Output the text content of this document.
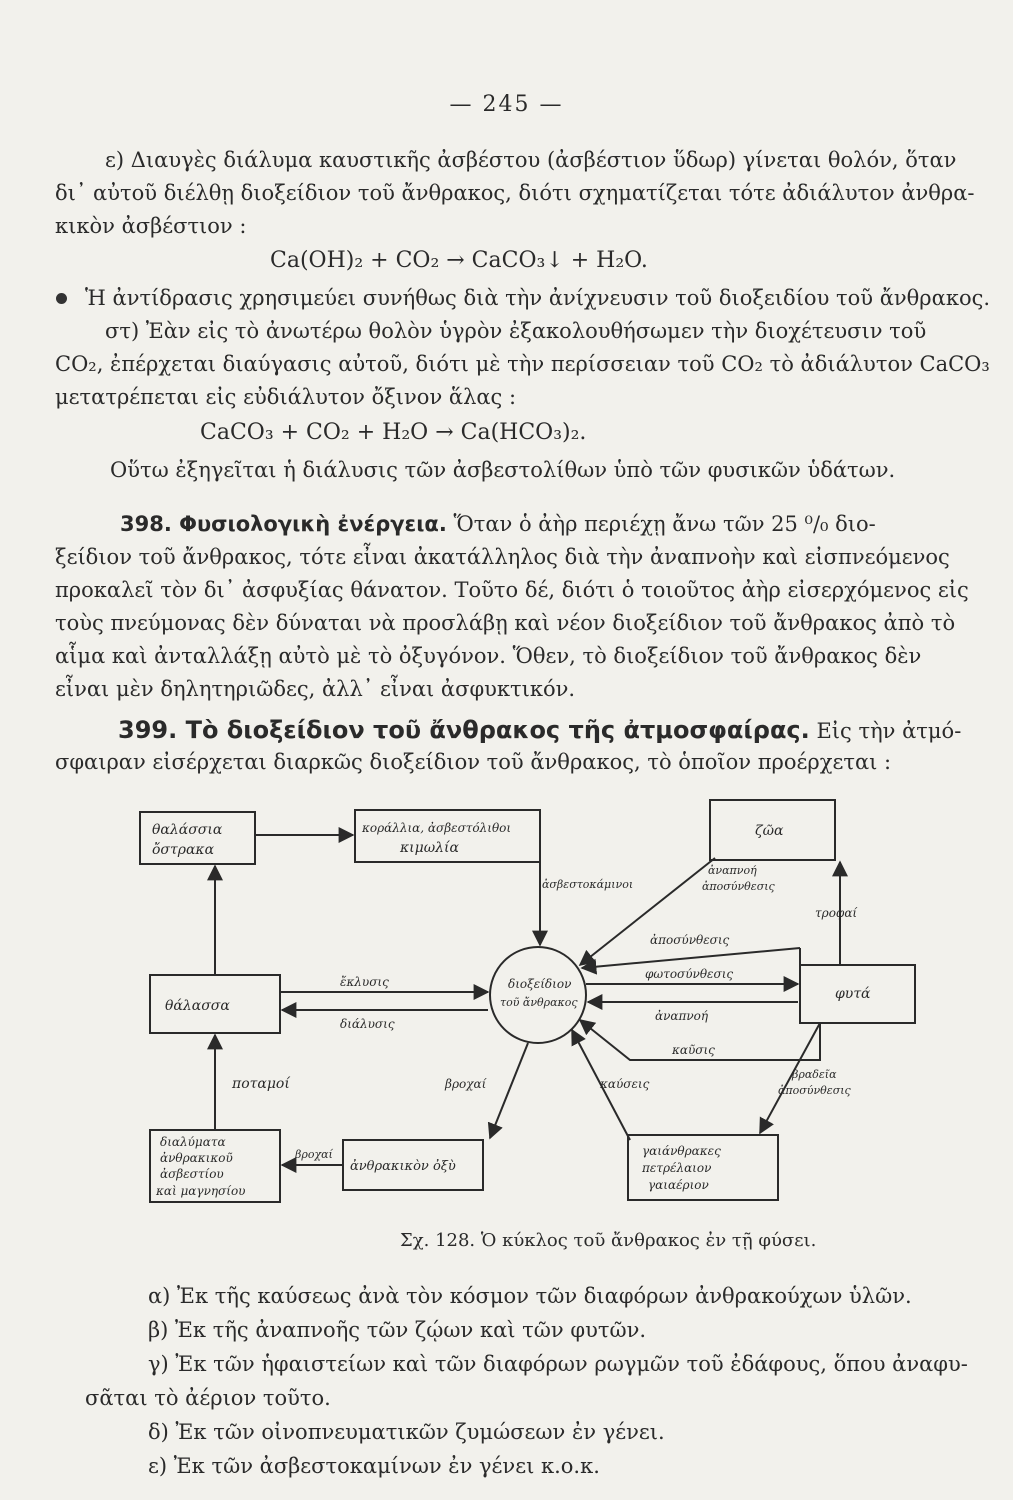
— 245 —
ε) Διαυγὲς διάλυμα καυστικῆς ἀσβέστου (ἀσβέστιον ὕδωρ) γίνεται θολόν, ὅταν
δι᾽ αὐτοῦ διέλθῃ διοξείδιον τοῦ ἄνθρακος, διότι σχηματίζεται τότε ἀδιάλυτον ἀνθρα-
κικὸν ἀσβέστιον :
Ca(OH)₂ + CO₂ → CaCO₃↓ + H₂O.
Ἡ ἀντίδρασις χρησιμεύει συνήθως διὰ τὴν ἀνίχνευσιν τοῦ διοξειδίου τοῦ ἄνθρακος.
στ) Ἐὰν εἰς τὸ ἀνωτέρω θολὸν ὑγρὸν ἐξακολουθήσωμεν τὴν διοχέτευσιν τοῦ
CO₂, ἐπέρχεται διαύγασις αὐτοῦ, διότι μὲ τὴν περίσσειαν τοῦ CO₂ τὸ ἀδιάλυτον CaCO₃
μετατρέπεται εἰς εὐδιάλυτον ὄξινον ἅλας :
CaCO₃ + CO₂ + H₂O → Ca(HCO₃)₂.
Οὕτω ἐξηγεῖται ἡ διάλυσις τῶν ἀσβεστολίθων ὑπὸ τῶν φυσικῶν ὑδάτων.
398. Φυσιολογικὴ ἐνέργεια. Ὅταν ὁ ἀὴρ περιέχῃ ἄνω τῶν 25 ⁰/₀ διο-
ξείδιον τοῦ ἄνθρακος, τότε εἶναι ἀκατάλληλος διὰ τὴν ἀναπνοὴν καὶ εἰσπνεόμενος
προκαλεῖ τὸν δι᾽ ἀσφυξίας θάνατον. Τοῦτο δέ, διότι ὁ τοιοῦτος ἀὴρ εἰσερχόμενος εἰς
τοὺς πνεύμονας δὲν δύναται νὰ προσλάβῃ καὶ νέον διοξείδιον τοῦ ἄνθρακος ἀπὸ τὸ
αἷμα καὶ ἀνταλλάξῃ αὐτὸ μὲ τὸ ὀξυγόνον. Ὅθεν, τὸ διοξείδιον τοῦ ἄνθρακος δὲν
εἶναι μὲν δηλητηριῶδες, ἀλλ᾽ εἶναι ἀσφυκτικόν.
399. Τὸ διοξείδιον τοῦ ἄνθρακος τῆς ἀτμοσφαίρας. Εἰς τὴν ἀτμό-
σφαιραν εἰσέρχεται διαρκῶς διοξείδιον τοῦ ἄνθρακος, τὸ ὁποῖον προέρχεται :
θαλάσσια
ὄστρακα
κοράλλια, ἀσβεστόλιθοι
κιμωλία
ζῶα
θάλασσα
φυτά
διαλύματα
ἀνθρακικοῦ
ἀσβεστίου
καὶ μαγνησίου
ἀνθρακικὸν ὀξὺ
γαιάνθρακες
πετρέλαιον
γαιαέριον
διοξείδιον
τοῦ ἄνθρακος
ἀσβεστοκάμινοι
ἀναπνοή
ἀποσύνθεσις
τροφαί
ἀποσύνθεσις
φωτοσύνθεσις
ἀναπνοή
καῦσις
ἔκλυσις
διάλυσις
ποταμοί	βροχαί
βροχαί
καύσεις
βραδεῖα
ἀποσύνθεσις
Σχ. 128. Ὁ κύκλος τοῦ ἄνθρακος ἐν τῇ φύσει.
α) Ἐκ τῆς καύσεως ἀνὰ τὸν κόσμον τῶν διαφόρων ἀνθρακούχων ὑλῶν.
β) Ἐκ τῆς ἀναπνοῆς τῶν ζῴων καὶ τῶν φυτῶν.
γ) Ἐκ τῶν ἡφαιστείων καὶ τῶν διαφόρων ρωγμῶν τοῦ ἐδάφους, ὅπου ἀναφυ-
σᾶται τὸ ἀέριον τοῦτο.
δ) Ἐκ τῶν οἰνοπνευματικῶν ζυμώσεων ἐν γένει.
ε) Ἐκ τῶν ἀσβεστοκαμίνων ἐν γένει κ.ο.κ.
